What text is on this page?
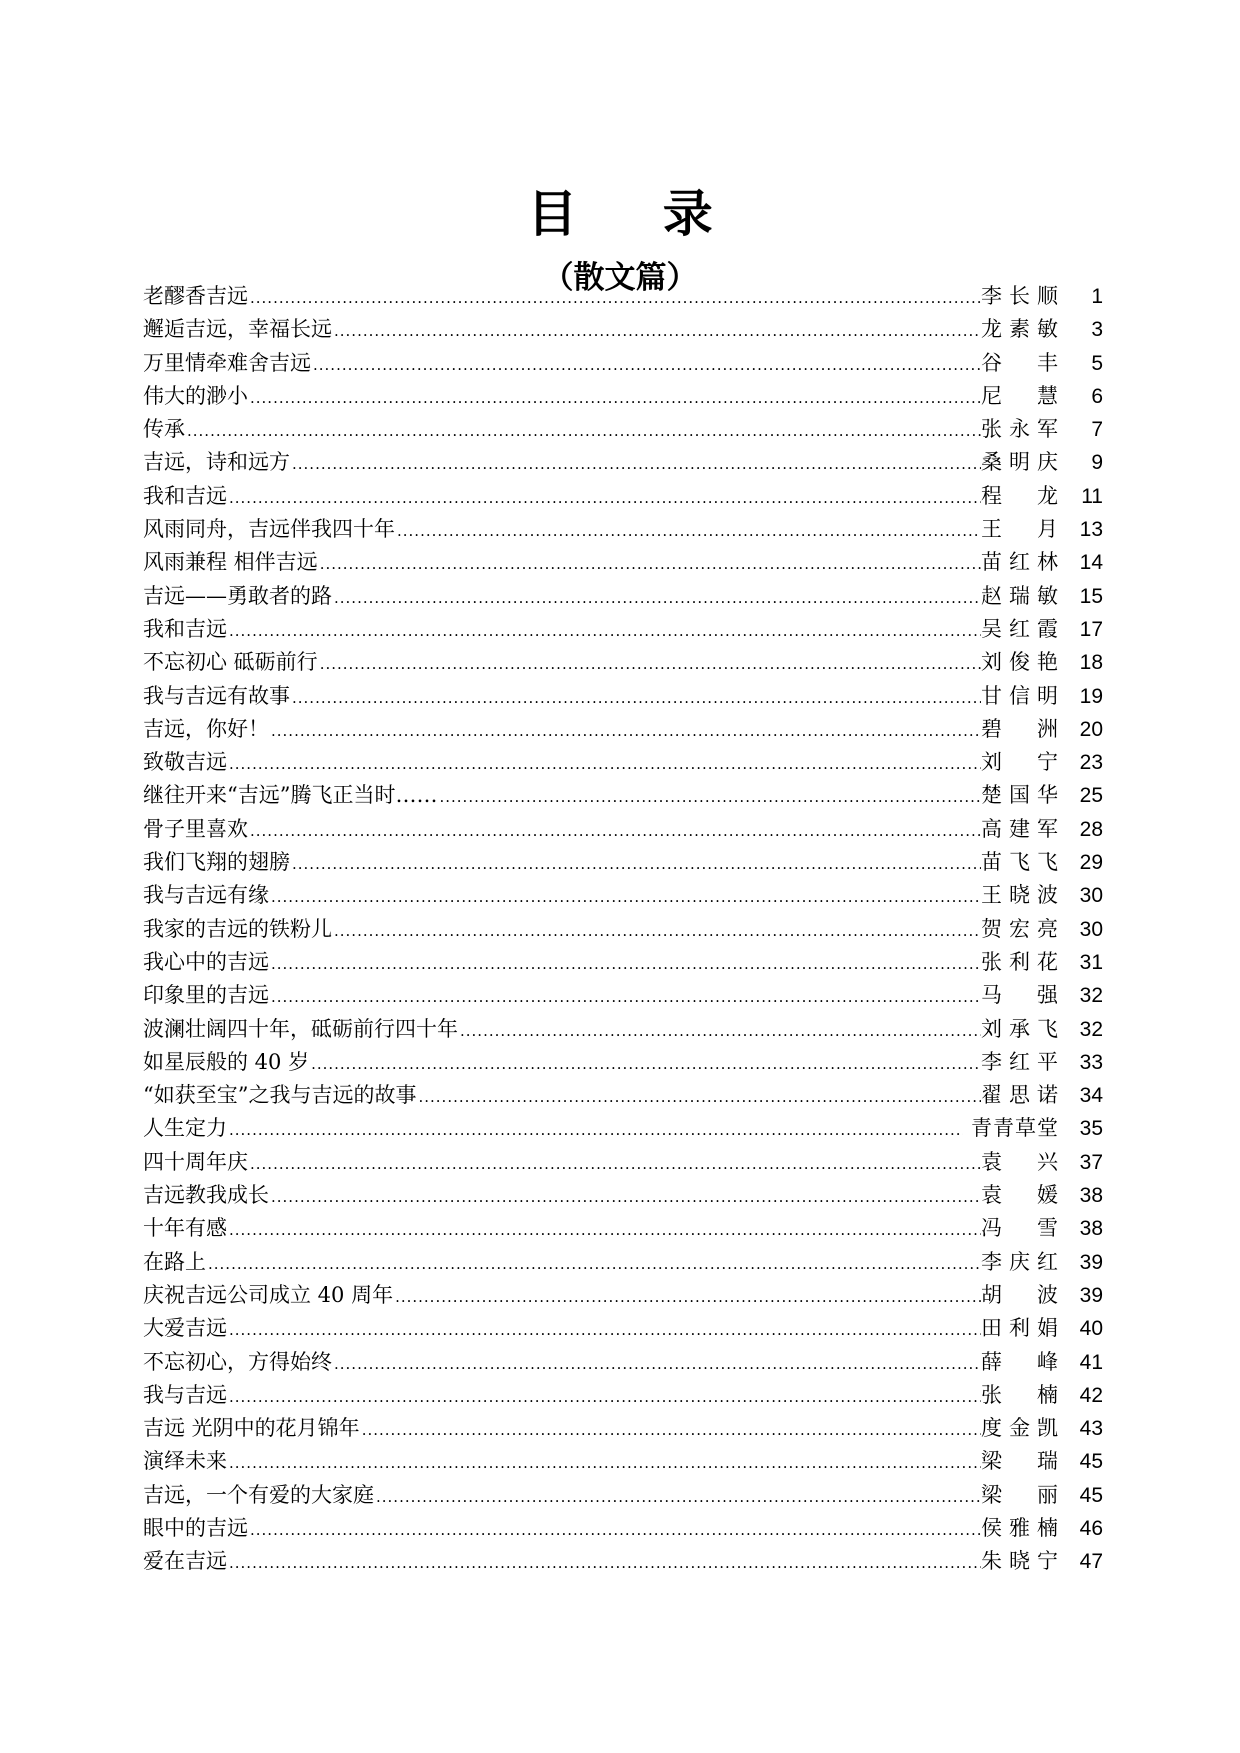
目 录
（散文篇）
老醪香吉远 .....	李长顺	1
邂逅吉远，幸福长远 .....	龙素敏	3
万里情牵难舍吉远 .....	谷 丰	5
伟大的渺小 .....	尼 慧	6
传承 .....	张永军	7
吉远，诗和远方 .....	桑明庆	9
我和吉远 .....	程 龙	11
风雨同舟，吉远伴我四十年 .....	王 月 13
风雨兼程 相伴吉远 .....	苗红林 14
吉远——勇敢者的路 .....	赵瑞敏 15
我和吉远 .....	吴红霞 17
不忘初心 砥砺前行 .....	刘俊艳 18
我与吉远有故事 .....	甘信明 19
吉远，你好！ .....	碧 洲 20
致敬吉远 .....	刘 宁 23
继往开来“吉远”腾飞正当时…… .....	楚国华 25
骨子里喜欢 .....	高建军 28
我们飞翔的翅膀 .....	苗飞飞 29
我与吉远有缘 .....	王晓波 30
我家的吉远的铁粉儿 .....	贺宏亮 30
我心中的吉远 .....	张利花 31
印象里的吉远 .....	马 强 32
波澜壮阔四十年，砥砺前行四十年 .....	刘承飞 32
如星辰般的 40 岁 .....	李红平 33
“如获至宝”之我与吉远的故事 .....	翟思诺 34
人生定力 .....	青青草堂 35
四十周年庆 .....	袁 兴 37
吉远教我成长 .....	袁 媛 38
十年有感 .....	冯 雪 38
在路上 .....	李庆红 39
庆祝吉远公司成立 40 周年 .....	胡 波 39
大爱吉远 .....	田利娟 40
不忘初心，方得始终 .....	薛 峰 41
我与吉远 .....	张 楠 42
吉远 光阴中的花月锦年 .....	度金凯 43
演绎未来 .....	梁 瑞 45
吉远，一个有爱的大家庭 .....	梁 丽 45
眼中的吉远 .....	侯雅楠 46
爱在吉远 .....	朱晓宁 47
